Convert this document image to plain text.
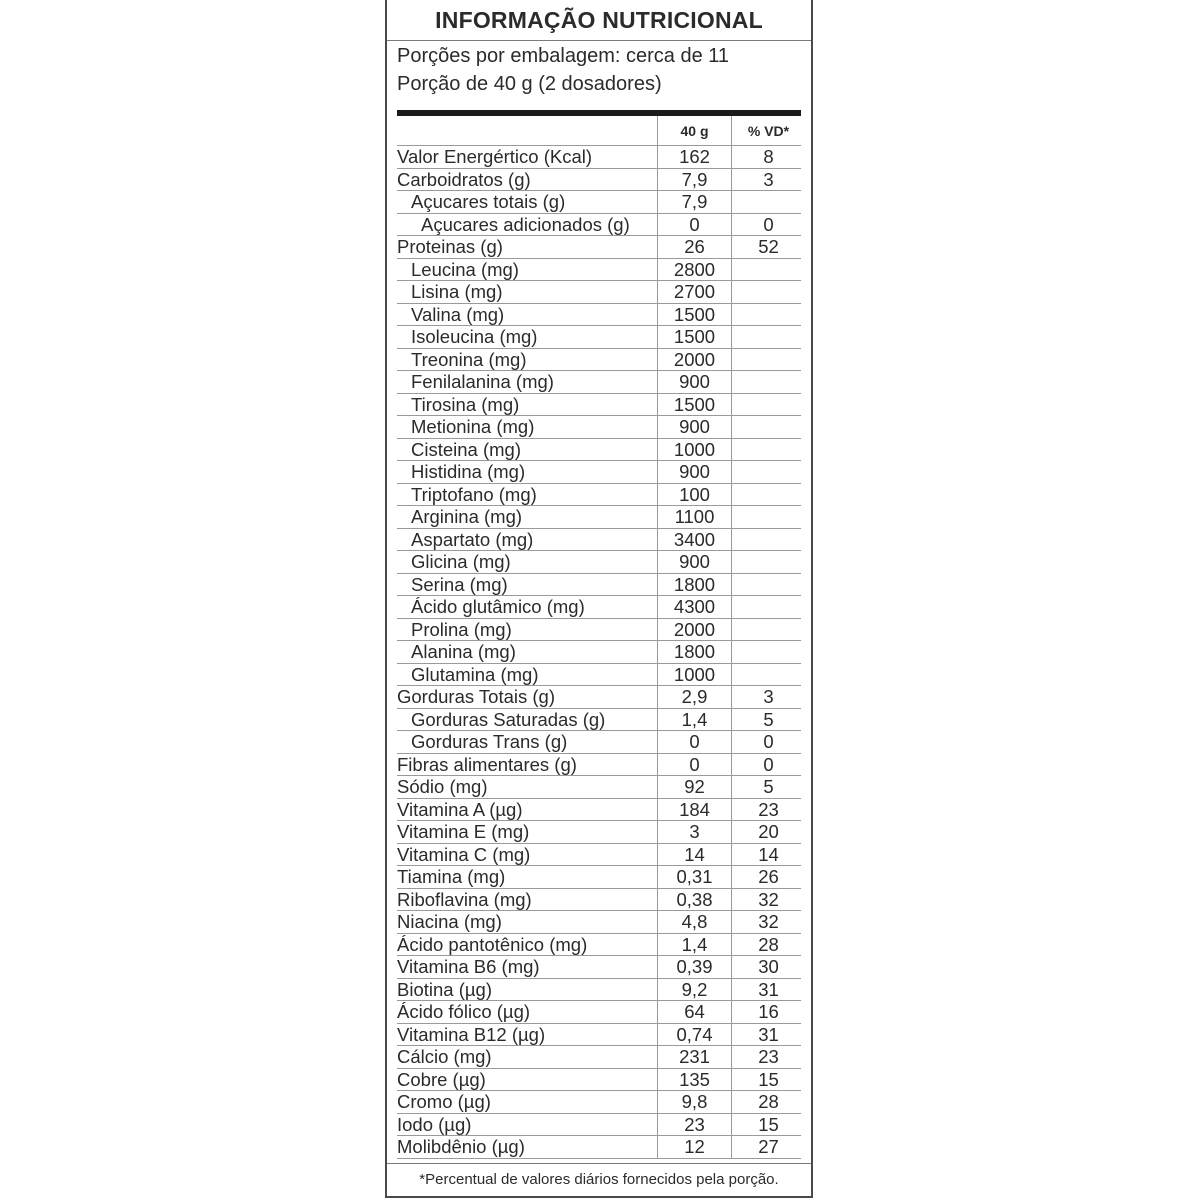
INFORMAÇÃO NUTRICIONAL
Porções por embalagem: cerca de 11
Porção de 40 g (2 dosadores)
40 g	% VD*
Valor Energértico (Kcal)	162	8
Carboidratos (g)	7,9	3
Açucares totais (g)	7,9
Açucares adicionados (g)	0	0
Proteinas (g)	26	52
Leucina (mg)	2800
Lisina (mg)	2700
Valina (mg)	1500
Isoleucina (mg)	1500
Treonina (mg)	2000
Fenilalanina (mg)	900
Tirosina (mg)	1500
Metionina (mg)	900
Cisteina (mg)	1000
Histidina (mg)	900
Triptofano (mg)	100
Arginina (mg)	1100
Aspartato (mg)	3400
Glicina (mg)	900
Serina (mg)	1800
Ácido glutâmico (mg)	4300
Prolina (mg)	2000
Alanina (mg)	1800
Glutamina (mg)	1000
Gorduras Totais (g)	2,9	3
Gorduras Saturadas (g)	1,4	5
Gorduras Trans (g)	0	0
Fibras alimentares (g)	0	0
Sódio (mg)	92	5
Vitamina A (µg)	184	23
Vitamina E (mg)	3	20
Vitamina C (mg)	14	14
Tiamina (mg)	0,31	26
Riboflavina (mg)	0,38	32
Niacina (mg)	4,8	32
Ácido pantotênico (mg)	1,4	28
Vitamina B6 (mg)	0,39	30
Biotina (µg)	9,2	31
Ácido fólico (µg)	64	16
Vitamina B12 (µg)	0,74	31
Cálcio (mg)	231	23
Cobre (µg)	135	15
Cromo (µg)	9,8	28
Iodo (µg)	23	15
Molibdênio (µg)	12	27
*Percentual de valores diários fornecidos pela porção.
